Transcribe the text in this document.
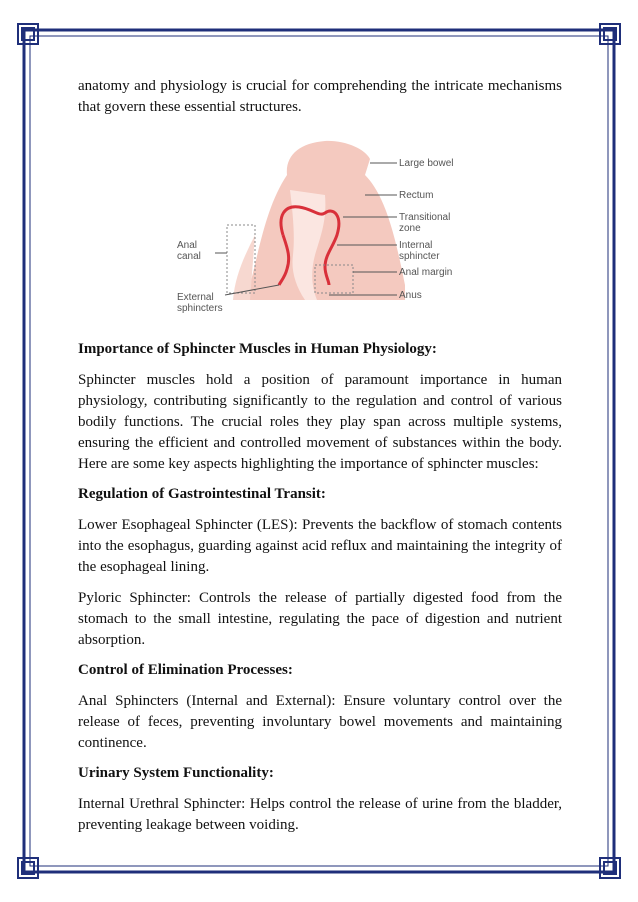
Large bowel
Rectum
Transitional
zone
Internal
sphincter
Anal margin
Anus
Anal
canal
External
sphincters

anatomy and physiology is crucial for comprehending the intricate mechanisms that govern these essential structures.

Importance of Sphincter Muscles in Human Physiology:

Sphincter muscles hold a position of paramount importance in human physiology, contributing significantly to the regulation and control of various bodily functions. The crucial roles they play span across multiple systems, ensuring the efficient and controlled movement of substances within the body. Here are some key aspects highlighting the importance of sphincter muscles:

Regulation of Gastrointestinal Transit:

Lower Esophageal Sphincter (LES): Prevents the backflow of stomach contents into the esophagus, guarding against acid reflux and maintaining the integrity of the esophageal lining.

Pyloric Sphincter: Controls the release of partially digested food from the stomach to the small intestine, regulating the pace of digestion and nutrient absorption.

Control of Elimination Processes:

Anal Sphincters (Internal and External): Ensure voluntary control over the release of feces, preventing involuntary bowel movements and maintaining continence.

Urinary System Functionality:

Internal Urethral Sphincter: Helps control the release of urine from the bladder, preventing leakage between voiding.
